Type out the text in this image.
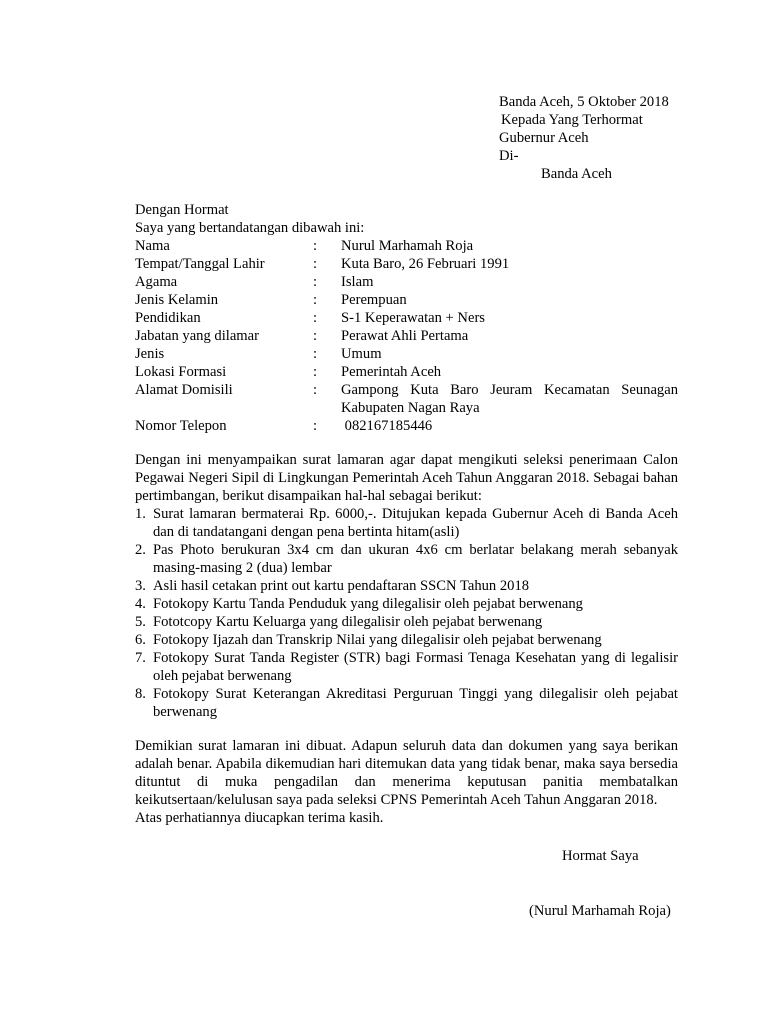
Banda Aceh, 5 Oktober 2018
Kepada Yang Terhormat
Gubernur Aceh
Di-
Banda Aceh
Dengan Hormat
Saya yang bertandatangan dibawah ini:
Nama	:	Nurul Marhamah Roja
Tempat/Tanggal Lahir	:	Kuta Baro, 26 Februari 1991
Agama	:	Islam
Jenis Kelamin	:	Perempuan
Pendidikan	:	S-1 Keperawatan + Ners
Jabatan yang dilamar	:	Perawat Ahli Pertama
Jenis	:	Umum
Lokasi Formasi	:	Pemerintah Aceh
Alamat Domisili	:	Gampong Kuta Baro Jeuram Kecamatan Seunagan Kabupaten Nagan Raya
Nomor Telepon	:	082167185446
Dengan ini menyampaikan surat lamaran agar dapat mengikuti seleksi penerimaan Calon Pegawai Negeri Sipil di Lingkungan Pemerintah Aceh Tahun Anggaran 2018. Sebagai bahan pertimbangan, berikut disampaikan hal-hal sebagai berikut:
1. Surat lamaran bermaterai Rp. 6000,-. Ditujukan kepada Gubernur Aceh di Banda Aceh dan di tandatangani dengan pena bertinta hitam(asli)
2. Pas Photo berukuran 3x4 cm dan ukuran 4x6 cm berlatar belakang merah sebanyak masing-masing 2 (dua) lembar
3. Asli hasil cetakan print out kartu pendaftaran SSCN Tahun 2018
4. Fotokopy Kartu Tanda Penduduk yang dilegalisir oleh pejabat berwenang
5. Fototcopy Kartu Keluarga yang dilegalisir oleh pejabat berwenang
6. Fotokopy Ijazah dan Transkrip Nilai yang dilegalisir oleh pejabat berwenang
7. Fotokopy Surat Tanda Register (STR) bagi Formasi Tenaga Kesehatan yang di legalisir oleh pejabat berwenang
8. Fotokopy Surat Keterangan Akreditasi Perguruan Tinggi yang dilegalisir oleh pejabat berwenang
Demikian surat lamaran ini dibuat. Adapun seluruh data dan dokumen yang saya berikan adalah benar. Apabila dikemudian hari ditemukan data yang tidak benar, maka saya bersedia dituntut di muka pengadilan dan menerima keputusan panitia membatalkan keikutsertaan/kelulusan saya pada seleksi CPNS Pemerintah Aceh Tahun Anggaran 2018.
Atas perhatiannya diucapkan terima kasih.
Hormat Saya
(Nurul Marhamah Roja)
